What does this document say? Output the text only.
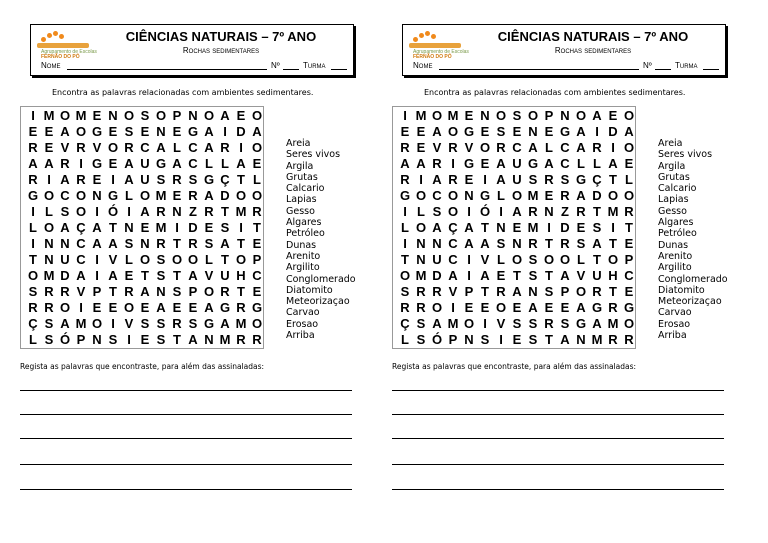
Agrupamento de Escolas
FERNÃO DO PÓ
CIÊNCIAS NATURAIS – 7º ANO
Rochas sedimentares
Nome	Nº	Turma
Encontra as palavras relacionadas com ambientes sedimentares.
I M O M E N O S O P N O A E O
E E A O G E S E N E G A I D A
R E V R V O R C A L C A R I O
A A R I G E A U G A C L L A E
R I A R E I A U S R S G Ç T L
G O C O N G L O M E R A D O O
I L S O I Ó I A R N Z R T M R
L O A Ç A T N E M I D E S I T
I N N C A A S N R T R S A T E
T N U C I V L O S O O L T O P
O M D A I A E T S T A V U H C
S R R V P T R A N S P O R T E
R R O I E E O E A E E A G R G
Ç S A M O I V S S R S G A M O
L S Ó P N S I E S T A N M R R
Areia
Seres vivos
Argila
Grutas
Calcario
Lapias
Gesso
Algares
Petróleo
Dunas
Arenito
Argilito
Conglomerado
Diatomito
Meteorizaçao
Carvao
Erosao
Arriba
Regista as palavras que encontraste, para além das assinaladas:
Agrupamento de Escolas
FERNÃO DO PÓ
CIÊNCIAS NATURAIS – 7º ANO
Rochas sedimentares
Nome	Nº	Turma
Encontra as palavras relacionadas com ambientes sedimentares.
I M O M E N O S O P N O A E O
E E A O G E S E N E G A I D A
R E V R V O R C A L C A R I O
A A R I G E A U G A C L L A E
R I A R E I A U S R S G Ç T L
G O C O N G L O M E R A D O O
I L S O I Ó I A R N Z R T M R
L O A Ç A T N E M I D E S I T
I N N C A A S N R T R S A T E
T N U C I V L O S O O L T O P
O M D A I A E T S T A V U H C
S R R V P T R A N S P O R T E
R R O I E E O E A E E A G R G
Ç S A M O I V S S R S G A M O
L S Ó P N S I E S T A N M R R
Areia
Seres vivos
Argila
Grutas
Calcario
Lapias
Gesso
Algares
Petróleo
Dunas
Arenito
Argilito
Conglomerado
Diatomito
Meteorizaçao
Carvao
Erosao
Arriba
Regista as palavras que encontraste, para além das assinaladas:
